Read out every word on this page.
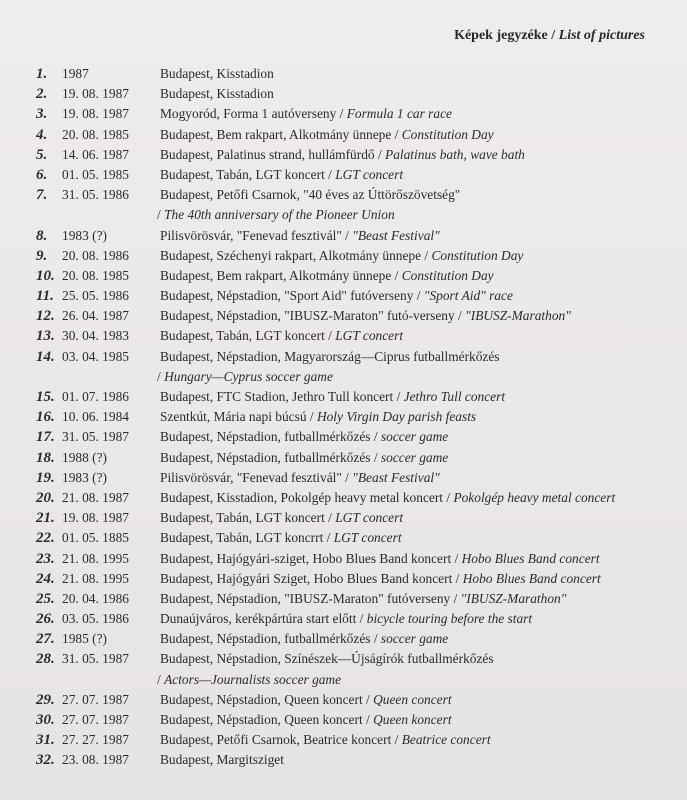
Képek jegyzéke / List of pictures
1.	1987	Budapest, Kisstadion
2.	19. 08. 1987 Budapest, Kisstadion
3.	19. 08. 1987 Mogyoród, Forma 1 autóverseny / Formula 1 car race
4.	20. 08. 1985 Budapest, Bem rakpart, Alkotmány ünnepe / Constitution Day
5.	14. 06. 1987 Budapest, Palatinus strand, hullámfürdő / Palatinus bath, wave bath
6.	01. 05. 1985 Budapest, Tabán, LGT koncert / LGT concert
7.	31. 05. 1986 Budapest, Petőfi Csarnok, "40 éves az Úttörőszövetség"
/ The 40th anniversary of the Pioneer Union
8.	1983 (?)	Pilisvörösvár, "Fenevad fesztivál" / "Beast Festival"
9.	20. 08. 1986 Budapest, Széchenyi rakpart, Alkotmány ünnepe / Constitution Day
10. 20. 08. 1985 Budapest, Bem rakpart, Alkotmány ünnepe / Constitution Day
11. 25. 05. 1986 Budapest, Népstadion, "Sport Aid" futóverseny / "Sport Aid" race
12. 26. 04. 1987 Budapest, Népstadion, "IBUSZ-Maraton" futó-verseny / "IBUSZ-Marathon"
13. 30. 04. 1983 Budapest, Tabán, LGT koncert / LGT concert
14. 03. 04. 1985 Budapest, Népstadion, Magyarország—Ciprus futballmérkőzés
/ Hungary—Cyprus soccer game
15. 01. 07. 1986 Budapest, FTC Stadion, Jethro Tull koncert / Jethro Tull concert
16. 10. 06. 1984 Szentkút, Mária napi búcsú / Holy Virgin Day parish feasts
17. 31. 05. 1987 Budapest, Népstadion, futballmérkőzés / soccer game
18. 1988 (?)	Budapest, Népstadion, futballmérkőzés / soccer game
19. 1983 (?)	Pilisvörösvár, "Fenevad fesztivál" / "Beast Festival"
20. 21. 08. 1987 Budapest, Kisstadion, Pokolgép heavy metal koncert / Pokolgép heavy metal concert
21. 19. 08. 1987 Budapest, Tabán, LGT koncert / LGT concert
22. 01. 05. 1885 Budapest, Tabán, LGT koncrrt / LGT concert
23. 21. 08. 1995 Budapest, Hajógyári-sziget, Hobo Blues Band koncert / Hobo Blues Band concert
24. 21. 08. 1995 Budapest, Hajógyári Sziget, Hobo Blues Band koncert / Hobo Blues Band concert
25. 20. 04. 1986 Budapest, Népstadion, "IBUSZ-Maraton" futóverseny / "IBUSZ-Marathon"
26. 03. 05. 1986 Dunaújváros, kerékpártúra start előtt / bicycle touring before the start
27. 1985 (?)	Budapest, Népstadion, futballmérkőzés / soccer game
28. 31. 05. 1987 Budapest, Népstadion, Színészek—Újságírók futballmérkőzés
/ Actors—Journalists soccer game
29. 27. 07. 1987 Budapest, Népstadion, Queen koncert / Queen concert
30. 27. 07. 1987 Budapest, Népstadion, Queen koncert / Queen koncert
31. 27. 27. 1987 Budapest, Petőfi Csarnok, Beatrice koncert / Beatrice concert
32. 23. 08. 1987 Budapest, Margitsziget
